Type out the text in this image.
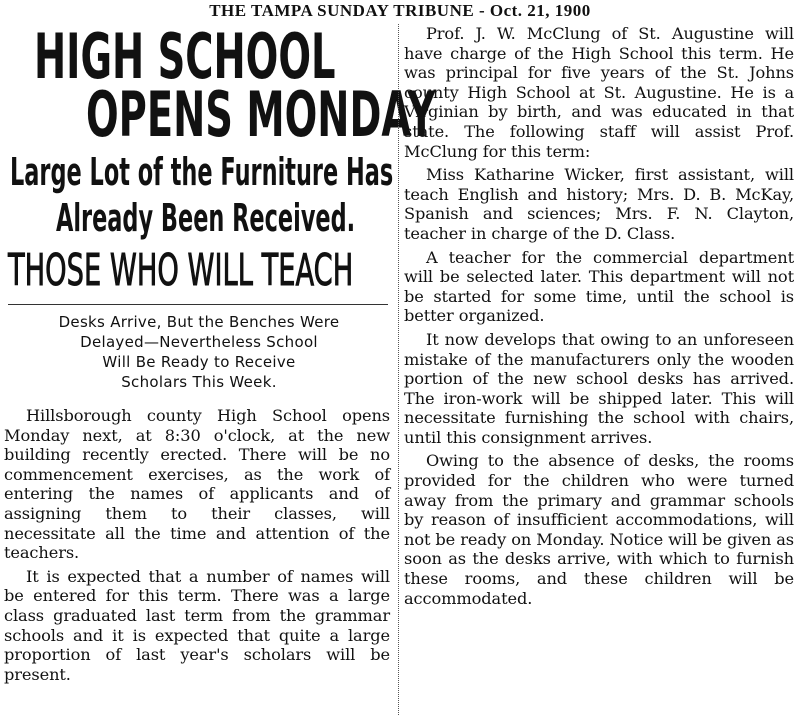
THE TAMPA SUNDAY TRIBUNE - Oct. 21, 1900
HIGH SCHOOL
OPENS MONDAY
Large Lot of the Furniture Has
Already Been Received.
THOSE WHO WILL TEACH
Desks Arrive, But the Benches Were
Delayed—Nevertheless School
Will Be Ready to Receive
Scholars This Week.

Hillsborough county High School opens Monday next, at 8:30 o'clock, at the new building recently erected. There will be no commencement exercises, as the work of entering the names of applicants and of assigning them to their classes, will necessitate all the time and attention of the teachers.

It is expected that a number of names will be entered for this term. There was a large class graduated last term from the grammar schools and it is expected that quite a large proportion of last year's scholars will be present.

Prof. J. W. McClung of St. Augustine will have charge of the High School this term. He was principal for five years of the St. Johns county High School at St. Augustine. He is a Virginian by birth, and was educated in that state. The following staff will assist Prof. McClung for this term:

Miss Katharine Wicker, first assistant, will teach English and history; Mrs. D. B. McKay, Spanish and sciences; Mrs. F. N. Clayton, teacher in charge of the D. Class.

A teacher for the commercial department will be selected later. This department will not be started for some time, until the school is better organized.

It now develops that owing to an unforeseen mistake of the manufacturers only the wooden portion of the new school desks has arrived. The iron-work will be shipped later. This will necessitate furnishing the school with chairs, until this consignment arrives.

Owing to the absence of desks, the rooms provided for the children who were turned away from the primary and grammar schools by reason of insufficient accommodations, will not be ready on Monday. Notice will be given as soon as the desks arrive, with which to furnish these rooms, and these children will be accommodated.
